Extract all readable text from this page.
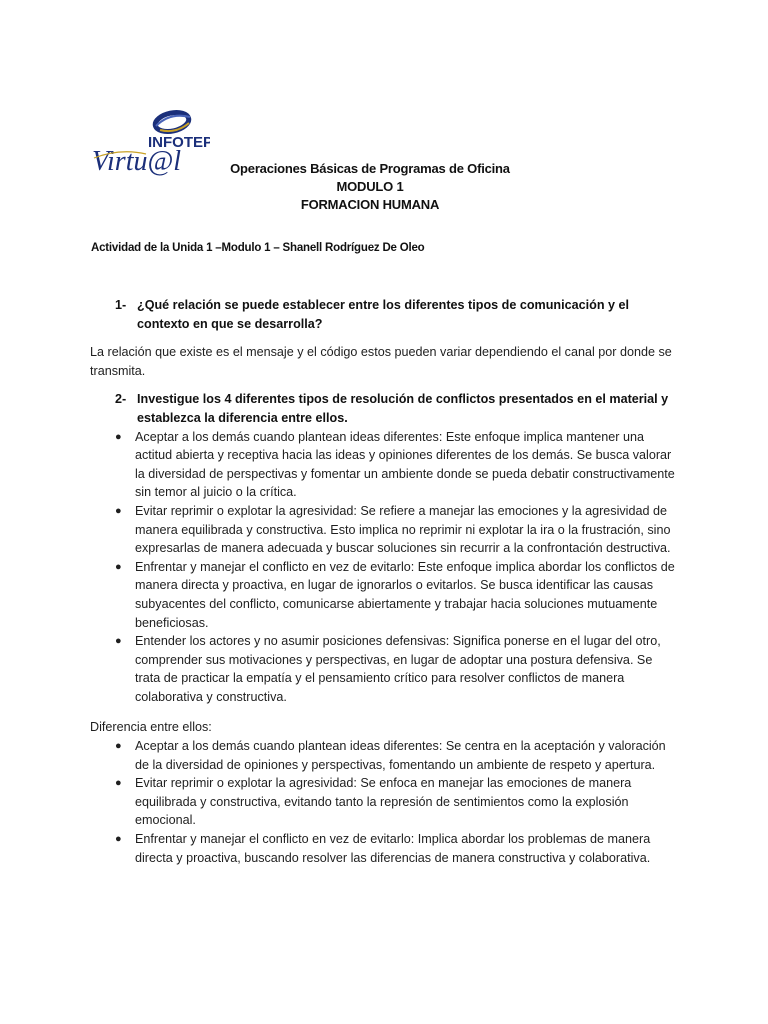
INFOTEP
Virtu@l	Operaciones Básicas de Programas de Oficina
MODULO 1
FORMACION HUMANA
Actividad de la Unida 1 –Modulo 1 – Shanell Rodríguez De Oleo
1- ¿Qué relación se puede establecer entre los diferentes tipos de comunicación y el contexto en que se desarrolla?

La relación que existe es el mensaje y el código estos pueden variar dependiendo el canal por donde se transmita.

2- Investigue los 4 diferentes tipos de resolución de conflictos presentados en el material y establezca la diferencia entre ellos.
●	Aceptar a los demás cuando plantean ideas diferentes: Este enfoque implica mantener una actitud abierta y receptiva hacia las ideas y opiniones diferentes de los demás. Se busca valorar la diversidad de perspectivas y fomentar un ambiente donde se pueda debatir constructivamente sin temor al juicio o la crítica.
●	Evitar reprimir o explotar la agresividad: Se refiere a manejar las emociones y la agresividad de manera equilibrada y constructiva. Esto implica no reprimir ni explotar la ira o la frustración, sino expresarlas de manera adecuada y buscar soluciones sin recurrir a la confrontación destructiva.
●	Enfrentar y manejar el conflicto en vez de evitarlo: Este enfoque implica abordar los conflictos de manera directa y proactiva, en lugar de ignorarlos o evitarlos. Se busca identificar las causas subyacentes del conflicto, comunicarse abiertamente y trabajar hacia soluciones mutuamente beneficiosas.
●	Entender los actores y no asumir posiciones defensivas: Significa ponerse en el lugar del otro, comprender sus motivaciones y perspectivas, en lugar de adoptar una postura defensiva. Se trata de practicar la empatía y el pensamiento crítico para resolver conflictos de manera colaborativa y constructiva.

Diferencia entre ellos:

●	Aceptar a los demás cuando plantean ideas diferentes: Se centra en la aceptación y valoración de la diversidad de opiniones y perspectivas, fomentando un ambiente de respeto y apertura.
●	Evitar reprimir o explotar la agresividad: Se enfoca en manejar las emociones de manera equilibrada y constructiva, evitando tanto la represión de sentimientos como la explosión emocional.
●	Enfrentar y manejar el conflicto en vez de evitarlo: Implica abordar los problemas de manera directa y proactiva, buscando resolver las diferencias de manera constructiva y colaborativa.
